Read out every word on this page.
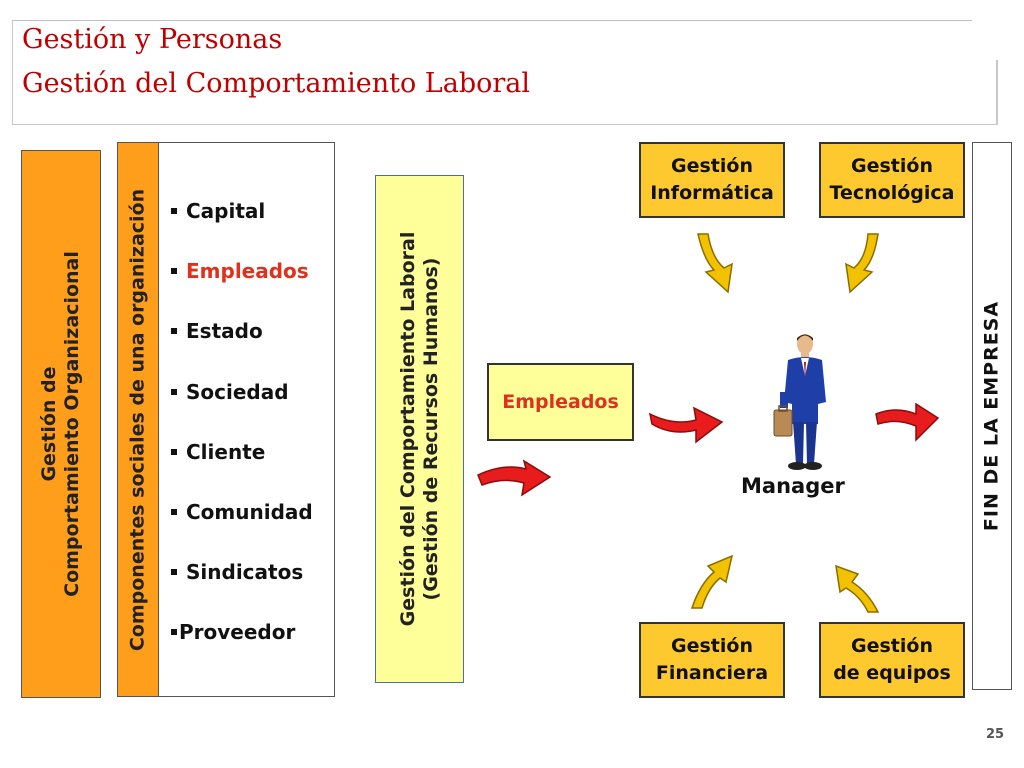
Gestión y Personas
Gestión del Comportamiento Laboral
Gestión de Comportamiento Organizacional Componentes sociales de una organización Capital
Empleados
Estado
Sociedad
Cliente
Comunidad
Sindicatos
Proveedor
Gestión del Comportamiento Laboral (Gestión de Recursos Humanos)	Empleados
Gestión
Informática
Gestión
Tecnológica
Gestión
Financiera
Gestión
de equipos
FIN DE LA EMPRESA
Manager
25
